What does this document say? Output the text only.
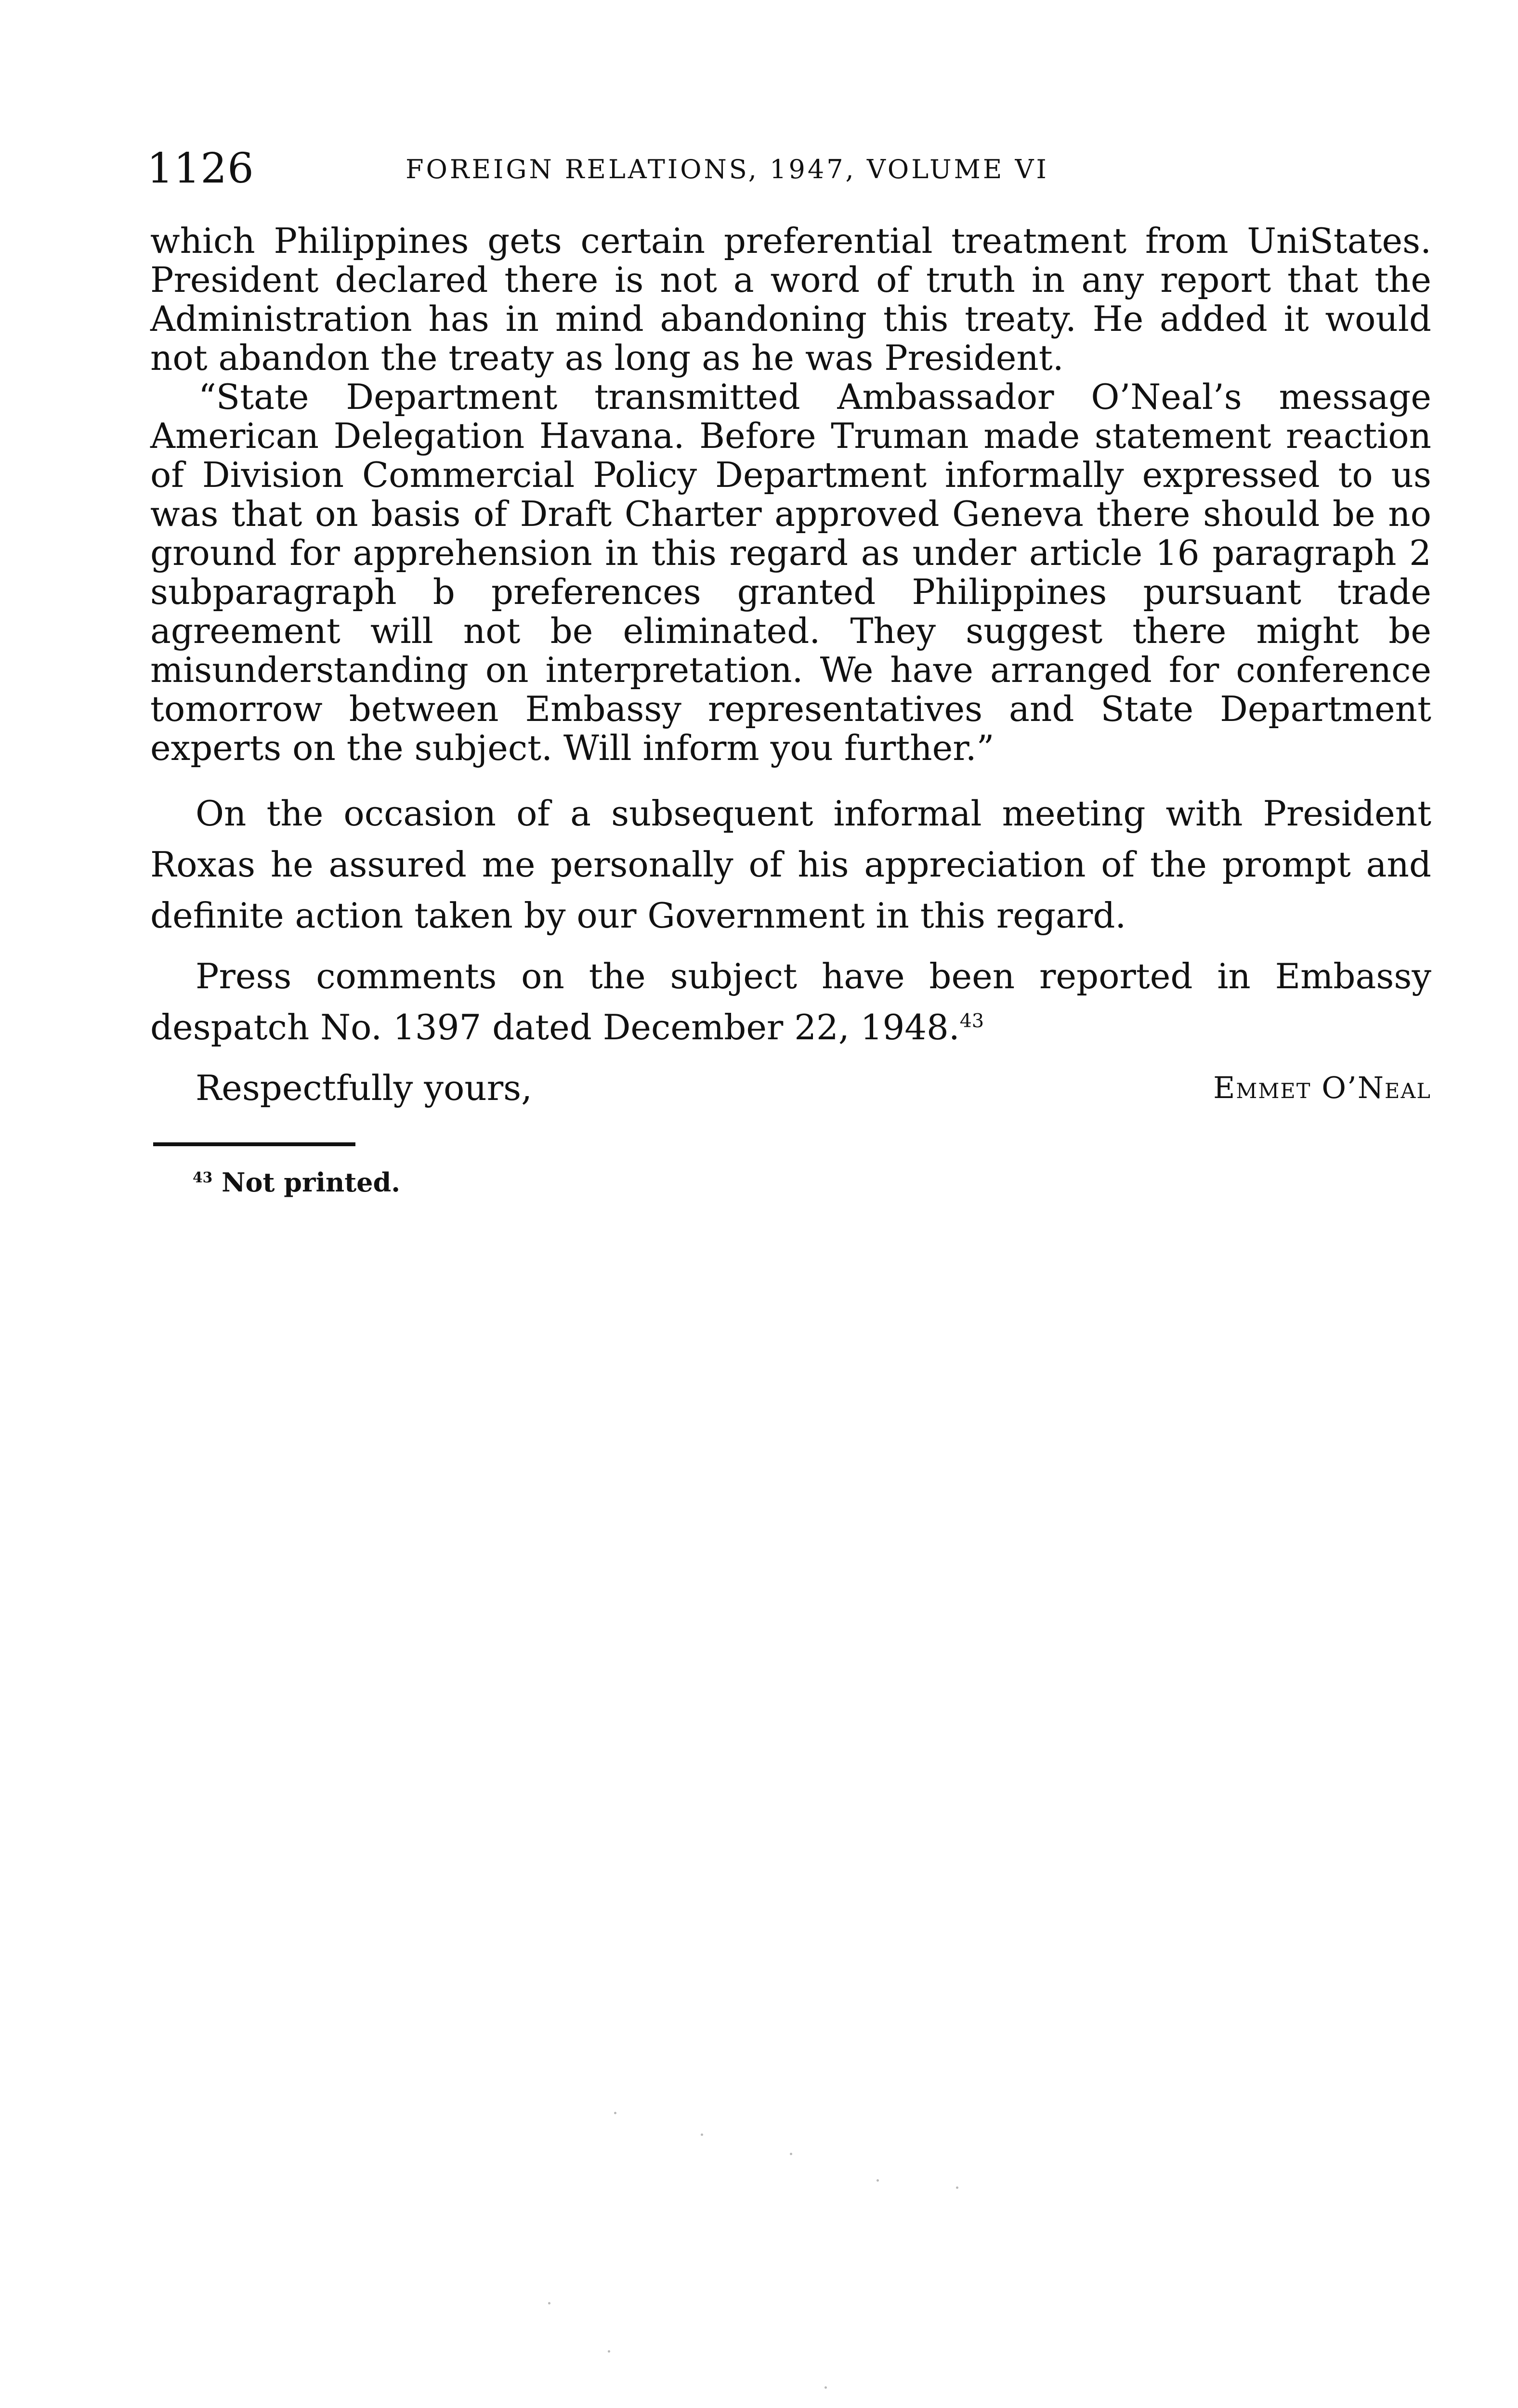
1126	FOREIGN RELATIONS, 1947, VOLUME VI

which Philippines gets certain preferential treatment from UniStates. President declared there is not a word of truth in any report that the Administration has in mind abandoning this treaty. He added it would not abandon the treaty as long as he was President.

“State Department transmitted Ambassador O’Neal’s message American Delegation Havana. Before Truman made statement reaction of Division Commercial Policy Department informally expressed to us was that on basis of Draft Charter approved Geneva there should be no ground for apprehension in this regard as under article 16 paragraph 2 subparagraph b preferences granted Philippines pursuant trade agreement will not be eliminated. They suggest there might be misunderstanding on interpretation. We have arranged for conference tomorrow between Embassy representatives and State Department experts on the subject. Will inform you further.”

On the occasion of a subsequent informal meeting with President Roxas he assured me personally of his appreciation of the prompt and definite action taken by our Government in this regard.

Press comments on the subject have been reported in Embassy despatch No. 1397 dated December 22, 1948.43

Respectfully yours,	Emmet O’Neal
$^{43}$ Not printed.
